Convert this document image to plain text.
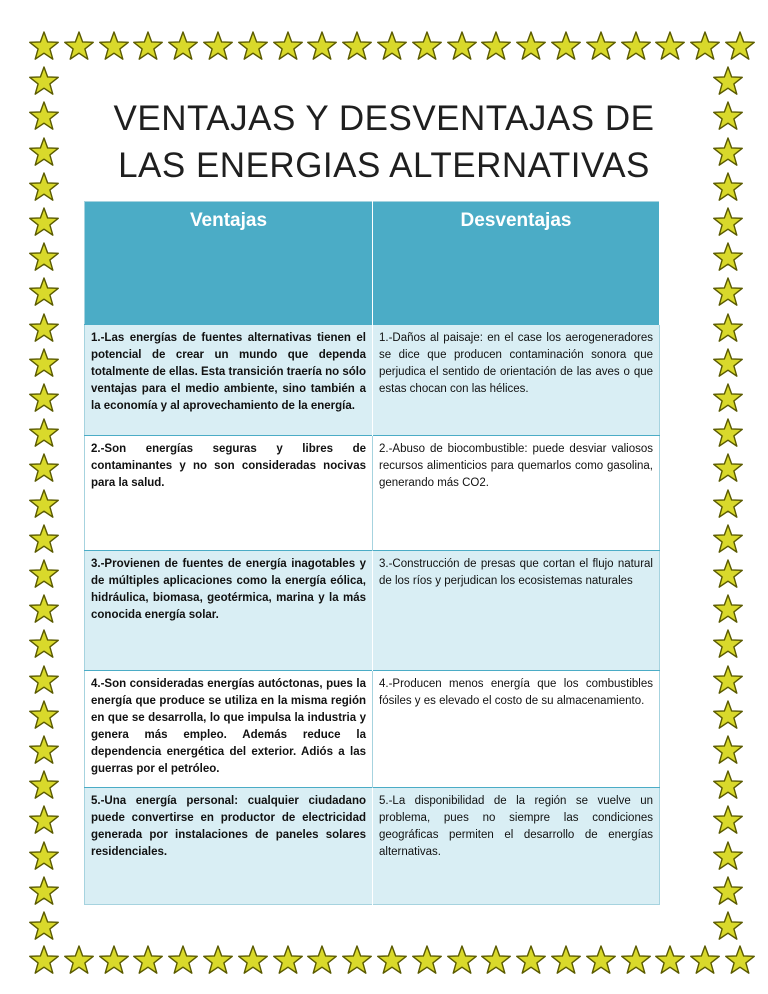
VENTAJAS Y DESVENTAJAS DE LAS ENERGIAS ALTERNATIVAS
Ventajas	Desventajas
1.-Las energías de fuentes alternativas tienen el potencial de crear un mundo que dependa totalmente de ellas. Esta transición traería no sólo ventajas para el medio ambiente, sino también a la economía y al aprovechamiento de la energía.	1.-Daños al paisaje: en el case los aerogeneradores se dice que producen contaminación sonora que perjudica el sentido de orientación de las aves o que estas chocan con las hélices.
2.-Son energías seguras y libres de contaminantes y no son consideradas nocivas para la salud.	2.-Abuso de biocombustible: puede desviar valiosos recursos alimenticios para quemarlos como gasolina, generando más CO2.
3.-Provienen de fuentes de energía inagotables y de múltiples aplicaciones como la energía eólica, hidráulica, biomasa, geotérmica, marina y la más conocida energía solar.	3.-Construcción de presas que cortan el flujo natural de los ríos y perjudican los ecosistemas naturales
4.-Son consideradas energías autóctonas, pues la energía que produce se utiliza en la misma región en que se desarrolla, lo que impulsa la industria y genera más empleo. Además reduce la dependencia energética del exterior. Adiós a las guerras por el petróleo.	4.-Producen menos energía que los combustibles fósiles y es elevado el costo de su almacenamiento.
5.-Una energía personal: cualquier ciudadano puede convertirse en productor de electricidad generada por instalaciones de paneles solares residenciales.	5.-La disponibilidad de la región se vuelve un problema, pues no siempre las condiciones geográficas permiten el desarrollo de energías alternativas.
